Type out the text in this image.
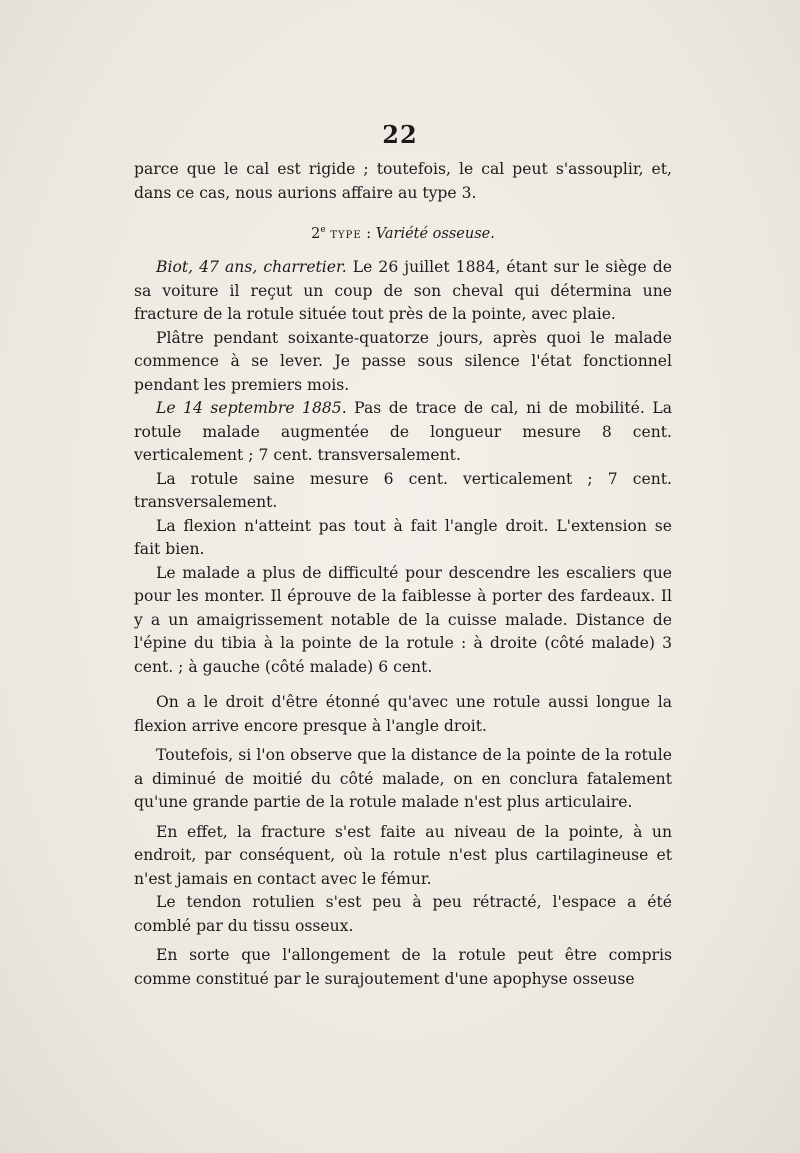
22

parce que le cal est rigide ; toutefois, le cal peut s'assouplir, et, dans ce cas, nous aurions affaire au type 3.

2e type : Variété osseuse.

Biot, 47 ans, charretier. Le 26 juillet 1884, étant sur le siège de sa voiture il reçut un coup de son cheval qui détermina une fracture de la rotule située tout près de la pointe, avec plaie.

Plâtre pendant soixante-quatorze jours, après quoi le malade commence à se lever. Je passe sous silence l'état fonctionnel pendant les premiers mois.

Le 14 septembre 1885. Pas de trace de cal, ni de mobilité. La rotule malade augmentée de longueur mesure 8 cent. verticalement ; 7 cent. transversalement.

La rotule saine mesure 6 cent. verticalement ; 7 cent. transversalement.

La flexion n'atteint pas tout à fait l'angle droit. L'extension se fait bien.

Le malade a plus de difficulté pour descendre les escaliers que pour les monter. Il éprouve de la faiblesse à porter des fardeaux. Il y a un amaigrissement notable de la cuisse malade. Distance de l'épine du tibia à la pointe de la rotule : à droite (côté malade) 3 cent. ; à gauche (côté malade) 6 cent.

On a le droit d'être étonné qu'avec une rotule aussi longue la flexion arrive encore presque à l'angle droit.

Toutefois, si l'on observe que la distance de la pointe de la rotule a diminué de moitié du côté malade, on en conclura fatalement qu'une grande partie de la rotule malade n'est plus articulaire.

En effet, la fracture s'est faite au niveau de la pointe, à un endroit, par conséquent, où la rotule n'est plus cartilagineuse et n'est jamais en contact avec le fémur.

Le tendon rotulien s'est peu à peu rétracté, l'espace a été comblé par du tissu osseux.

En sorte que l'allongement de la rotule peut être compris comme constitué par le surajoutement d'une apophyse osseuse
